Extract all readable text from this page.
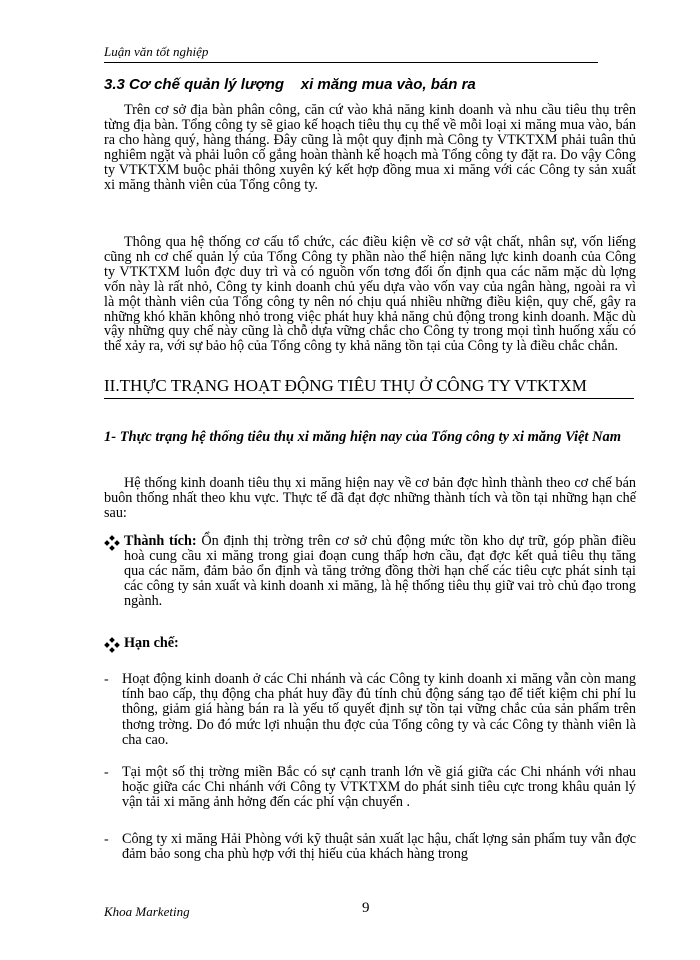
Luận văn tốt nghiệp
3.3 Cơ chế quản lý lượng    xi măng mua vào, bán ra

Trên cơ sở địa bàn phân công, căn cứ vào khả năng kinh doanh và nhu cầu tiêu thụ trên từng địa bàn. Tổng công ty sẽ giao kế hoạch tiêu thụ cụ thể về mỗi loại xi măng mua vào, bán ra cho hàng quý, hàng tháng. Đây cũng là một quy định mà Công ty VTKTXM phải tuân thủ nghiêm ngặt và phải luôn cố gắng hoàn thành kế hoạch mà Tổng công ty đặt ra. Do vậy Công ty VTKTXM buộc phải thông xuyên ký kết hợp đồng mua xi măng với các Công ty sản xuất xi măng thành viên của Tổng công ty.

Thông qua hệ thống cơ cấu tổ chức, các điều kiện về cơ sở vật chất, nhân sự, vốn liếng cũng nh cơ chế quản lý của Tổng Công ty phần nào thể hiện năng lực kinh doanh của Công ty VTKTXM luôn đợc duy trì và có nguồn vốn tơng đối ổn định qua các năm mặc dù lợng vốn này là rất nhỏ, Công ty kinh doanh chủ yếu dựa vào vốn vay của ngân hàng, ngoài ra vì là một thành viên của Tổng công ty nên nó chịu quá nhiều những điều kiện, quy chế, gây ra những khó khăn không nhỏ trong việc phát huy khả năng chủ động trong kinh doanh. Mặc dù vậy những quy chế này cũng là chỗ dựa vững chắc cho Công ty trong mọi tình huống xấu có thể xảy ra, với sự bảo hộ của Tổng công ty khả năng tồn tại của Công ty là điều chắc chắn.

II.THỰC TRẠNG HOẠT ĐỘNG TIÊU THỤ Ở CÔNG TY VTKTXM

1- Thực trạng hệ thống tiêu thụ xi măng hiện nay của Tổng công ty xi măng Việt Nam

Hệ thống kinh doanh tiêu thụ xi măng hiện nay về cơ bản đợc hình thành theo cơ chế bán buôn thống nhất theo khu vực. Thực tế đã đạt đợc những thành tích và tồn tại những hạn chế sau:

Thành tích: Ổn định thị trờng trên cơ sở chủ động mức tồn kho dự trữ, góp phần điều hoà cung cầu xi măng trong giai đoạn cung thấp hơn cầu, đạt đợc kết quả tiêu thụ tăng qua các năm, đảm bảo ổn định và tăng trởng đồng thời hạn chế các tiêu cực phát sinh tại các công ty sản xuất và kinh doanh xi măng, là hệ thống tiêu thụ giữ vai trò chủ đạo trong ngành.

Hạn chế:

- Hoạt động kinh doanh ở các Chi nhánh và các Công ty kinh doanh xi măng vẫn còn mang tính bao cấp, thụ động cha phát huy đầy đủ tính chủ động sáng tạo để tiết kiệm chi phí lu thông, giảm giá hàng bán ra là yếu tố quyết định sự tồn tại vững chắc của sản phẩm trên thơng trờng. Do đó mức lợi nhuận thu đợc của Tổng công ty và các Công ty thành viên là cha cao.

- Tại một số thị trờng miền Bắc có sự cạnh tranh lớn về giá giữa các Chi nhánh với nhau hoặc giữa các Chi nhánh với Công ty VTKTXM do phát sinh tiêu cực trong khâu quản lý vận tải xi măng ảnh hởng đến các phí vận chuyển .

- Công ty xi măng Hải Phòng với kỹ thuật sản xuất lạc hậu, chất lợng sản phẩm tuy vẫn đợc đảm bảo song cha phù hợp với thị hiếu của khách hàng trong

Khoa Marketing	9
